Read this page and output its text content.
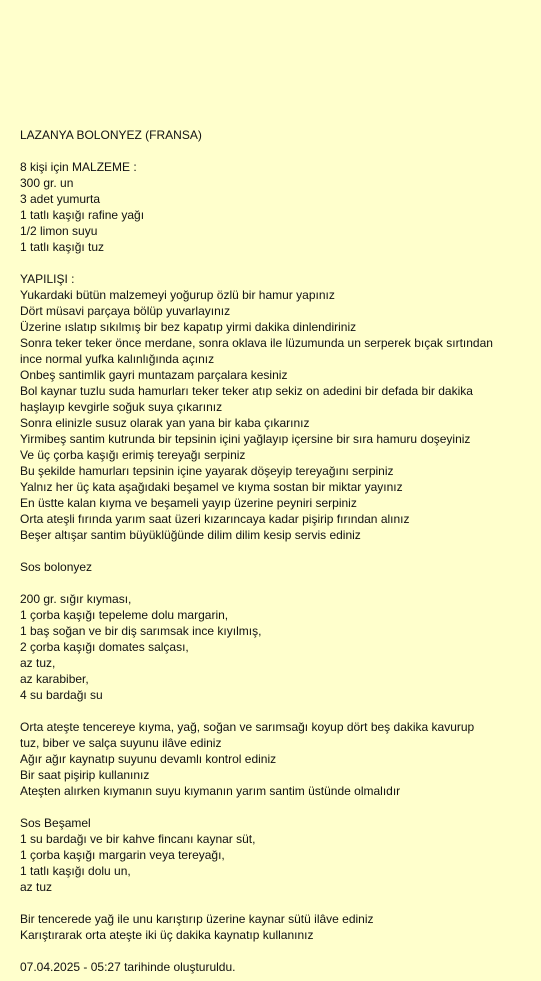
LAZANYA BOLONYEZ (FRANSA)
8 kişi için MALZEME :
300 gr. un
3 adet yumurta
1 tatlı kaşığı rafine yağı
1/2 limon suyu
1 tatlı kaşığı tuz
YAPILIŞI :
Yukardaki bütün malzemeyi yoğurup özlü bir hamur yapınız
Dört müsavi parçaya bölüp yuvarlayınız
Üzerine ıslatıp sıkılmış bir bez kapatıp yirmi dakika dinlendiriniz
Sonra teker teker önce merdane, sonra oklava ile lüzumunda un serperek bıçak sırtından
ince normal yufka kalınlığında açınız
Onbeş santimlik gayri muntazam parçalara kesiniz
Bol kaynar tuzlu suda hamurları teker teker atıp sekiz on adedini bir defada bir dakika
haşlayıp kevgirle soğuk suya çıkarınız
Sonra elinizle susuz olarak yan yana bir kaba çıkarınız
Yirmibeş santim kutrunda bir tepsinin içini yağlayıp içersine bir sıra hamuru doşeyiniz
Ve üç çorba kaşığı erimiş tereyağı serpiniz
Bu şekilde hamurları tepsinin içine yayarak döşeyip tereyağını serpiniz
Yalnız her üç kata aşağıdaki beşamel ve kıyma sostan bir miktar yayınız
En üstte kalan kıyma ve beşameli yayıp üzerine peyniri serpiniz
Orta ateşli fırında yarım saat üzeri kızarıncaya kadar pişirip fırından alınız
Beşer altışar santim büyüklüğünde dilim dilim kesip servis ediniz
Sos bolonyez
200 gr. sığır kıyması,
1 çorba kaşığı tepeleme dolu margarin,
1 baş soğan ve bir diş sarımsak ince kıyılmış,
2 çorba kaşığı domates salçası,
az tuz,
az karabiber,
4 su bardağı su
Orta ateşte tencereye kıyma, yağ, soğan ve sarımsağı koyup dört beş dakika kavurup
tuz, biber ve salça suyunu ilâve ediniz
Ağır ağır kaynatıp suyunu devamlı kontrol ediniz
Bir saat pişirip kullanınız
Ateşten alırken kıymanın suyu kıymanın yarım santim üstünde olmalıdır
Sos Beşamel
1 su bardağı ve bir kahve fincanı kaynar süt,
1 çorba kaşığı margarin veya tereyağı,
1 tatlı kaşığı dolu un,
az tuz
Bir tencerede yağ ile unu karıştırıp üzerine kaynar sütü ilâve ediniz
Karıştırarak orta ateşte iki üç dakika kaynatıp kullanınız
07.04.2025 - 05:27 tarihinde oluşturuldu.
